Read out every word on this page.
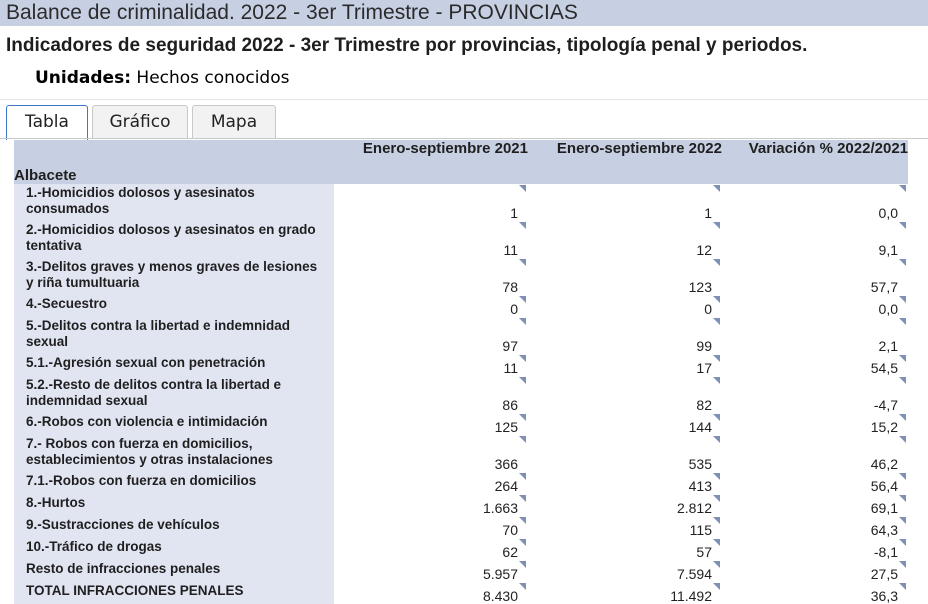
Balance de criminalidad. 2022 - 3er Trimestre - PROVINCIAS
Indicadores de seguridad 2022 - 3er Trimestre por provincias, tipología penal y periodos.
Unidades: Hechos conocidos
Tabla	Gráfico	Mapa
Albacete	Enero-septiembre 2021	Enero-septiembre 2022	Variación % 2022/2021
1.-Homicidios dolosos y asesinatos consumados	1	1	0,0
2.-Homicidios dolosos y asesinatos en grado tentativa	11	12	9,1
3.-Delitos graves y menos graves de lesiones y riña tumultuaria	78	123	57,7
4.-Secuestro	0	0	0,0
5.-Delitos contra la libertad e indemnidad sexual	97	99	2,1
5.1.-Agresión sexual con penetración	11	17	54,5
5.2.-Resto de delitos contra la libertad e indemnidad sexual	86	82	-4,7
6.-Robos con violencia e intimidación	125	144	15,2
7.- Robos con fuerza en domicilios, establecimientos y otras instalaciones	366	535	46,2
7.1.-Robos con fuerza en domicilios	264	413	56,4
8.-Hurtos	1.663	2.812	69,1
9.-Sustracciones de vehículos	70	115	64,3
10.-Tráfico de drogas	62	57	-8,1
Resto de infracciones penales	5.957	7.594	27,5
TOTAL INFRACCIONES PENALES	8.430	11.492	36,3
